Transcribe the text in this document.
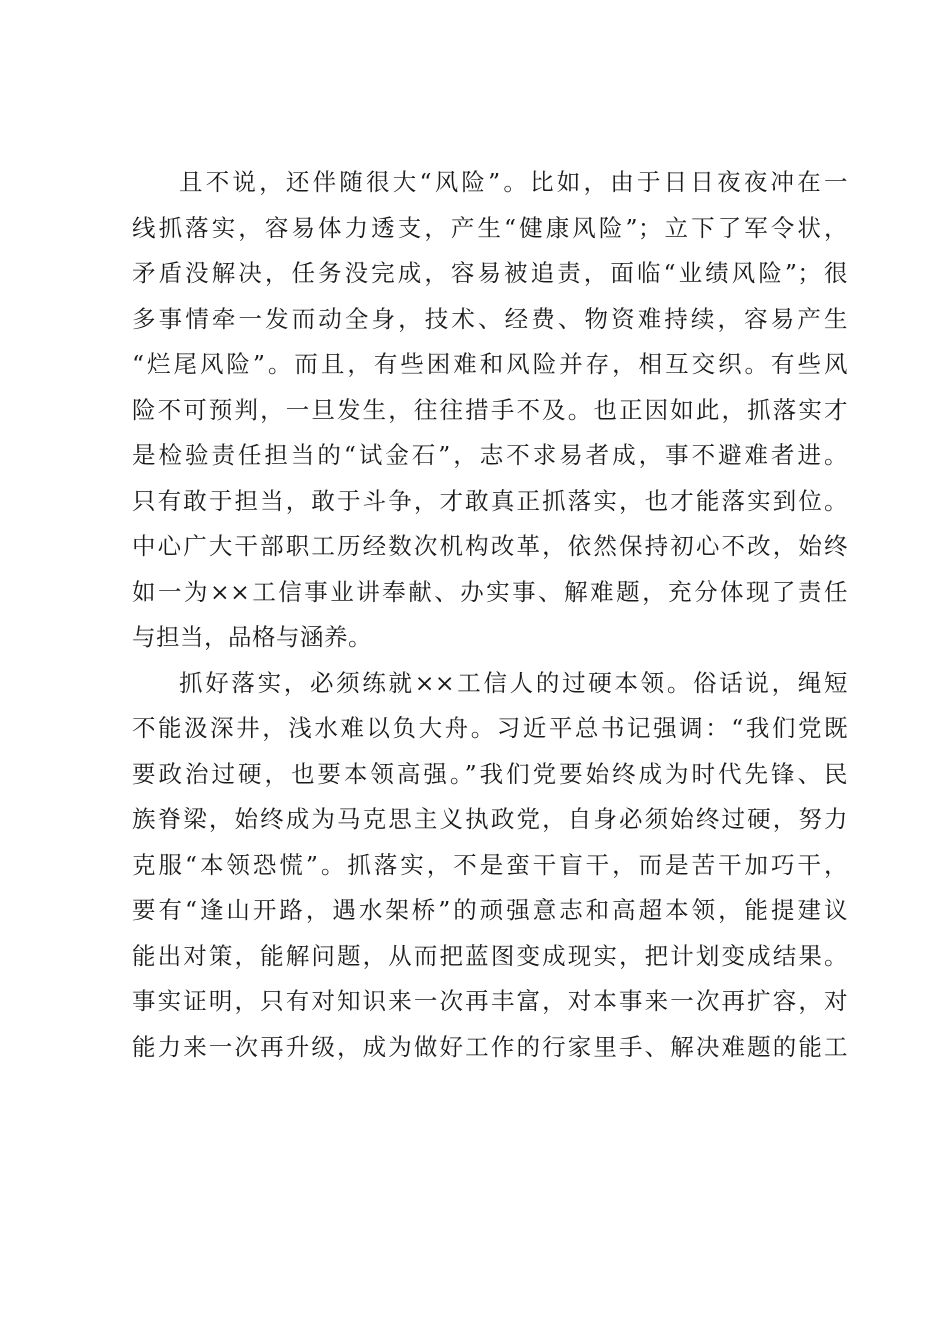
且不说，还伴随很大“风险”。比如，由于日日夜夜冲在一
线抓落实，容易体力透支，产生“健康风险”；立下了军令状，
矛盾没解决，任务没完成，容易被追责，面临“业绩风险”；很
多事情牵一发而动全身，技术、经费、物资难持续，容易产生
“烂尾风险”。而且，有些困难和风险并存，相互交织。有些风
险不可预判，一旦发生，往往措手不及。也正因如此，抓落实才
是检验责任担当的“试金石”，志不求易者成，事不避难者进。
只有敢于担当，敢于斗争，才敢真正抓落实，也才能落实到位。
中心广大干部职工历经数次机构改革，依然保持初心不改，始终
如一为××工信事业讲奉献、办实事、解难题，充分体现了责任
与担当，品格与涵养。
抓好落实，必须练就××工信人的过硬本领。俗话说，绳短
不能汲深井，浅水难以负大舟。习近平总书记强调：“我们党既
要政治过硬，也要本领高强。”我们党要始终成为时代先锋、民
族脊梁，始终成为马克思主义执政党，自身必须始终过硬，努力
克服“本领恐慌”。抓落实，不是蛮干盲干，而是苦干加巧干，
要有“逢山开路，遇水架桥”的顽强意志和高超本领，能提建议
能出对策，能解问题，从而把蓝图变成现实，把计划变成结果。
事实证明，只有对知识来一次再丰富，对本事来一次再扩容，对
能力来一次再升级，成为做好工作的行家里手、解决难题的能工
